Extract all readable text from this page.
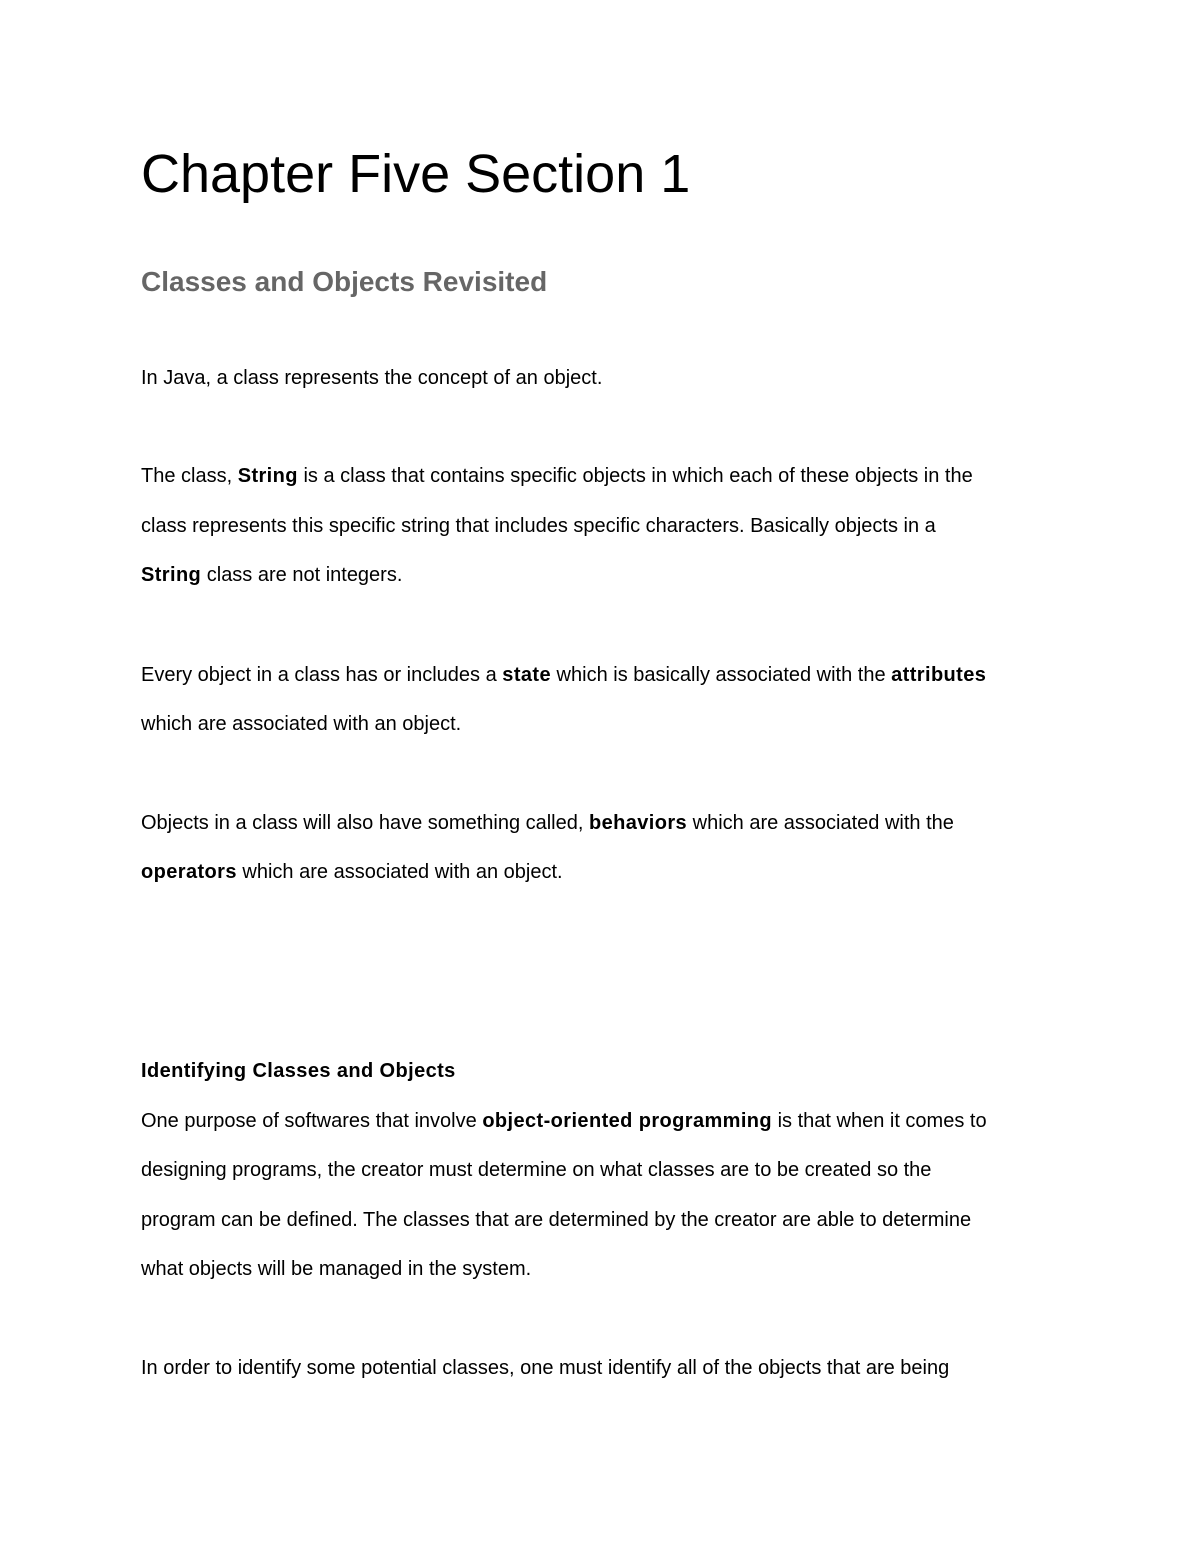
Chapter Five Section 1
Classes and Objects Revisited

In Java, a class represents the concept of an object.

The class, String is a class that contains specific objects in which each of these objects in the

class represents this specific string that includes specific characters. Basically objects in a

String class are not integers.

Every object in a class has or includes a state which is basically associated with the attributes

which are associated with an object.

Objects in a class will also have something called, behaviors which are associated with the

operators which are associated with an object.

Identifying Classes and Objects

One purpose of softwares that involve object-oriented programming is that when it comes to

designing programs, the creator must determine on what classes are to be created so the

program can be defined. The classes that are determined by the creator are able to determine

what objects will be managed in the system.

In order to identify some potential classes, one must identify all of the objects that are being
